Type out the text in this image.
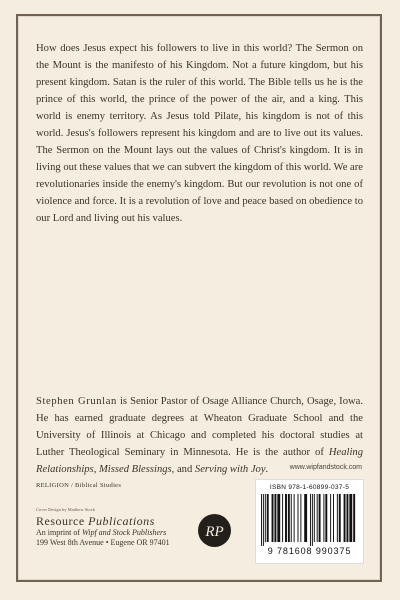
How does Jesus expect his followers to live in this world? The Sermon on the Mount is the manifesto of his Kingdom. Not a future kingdom, but his present kingdom. Satan is the ruler of this world. The Bible tells us he is the prince of this world, the prince of the power of the air, and a king. This world is enemy territory. As Jesus told Pilate, his kingdom is not of this world. Jesus's followers represent his kingdom and are to live out its values. The Sermon on the Mount lays out the values of Christ's kingdom. It is in living out these values that we can subvert the kingdom of this world. We are revolutionaries inside the enemy's kingdom. But our revolution is not one of violence and force. It is a revolution of love and peace based on obedience to our Lord and living out his values.

Stephen Grunlan is Senior Pastor of Osage Alliance Church, Osage, Iowa. He has earned graduate degrees at Wheaton Graduate School and the University of Illinois at Chicago and completed his doctoral studies at Luther Theological Seminary in Minnesota. He is the author of Healing Relationships, Missed Blessings, and Serving with Joy.	www.wipfandstock.com

RELIGION / Biblical Studies

Cover Design by Matthew Stock

Resource Publications

An imprint of Wipf and Stock Publishers

199 West 8th Avenue • Eugene OR 97401

RP
ISBN 978-1-60899-037-5
9 781608 990375
